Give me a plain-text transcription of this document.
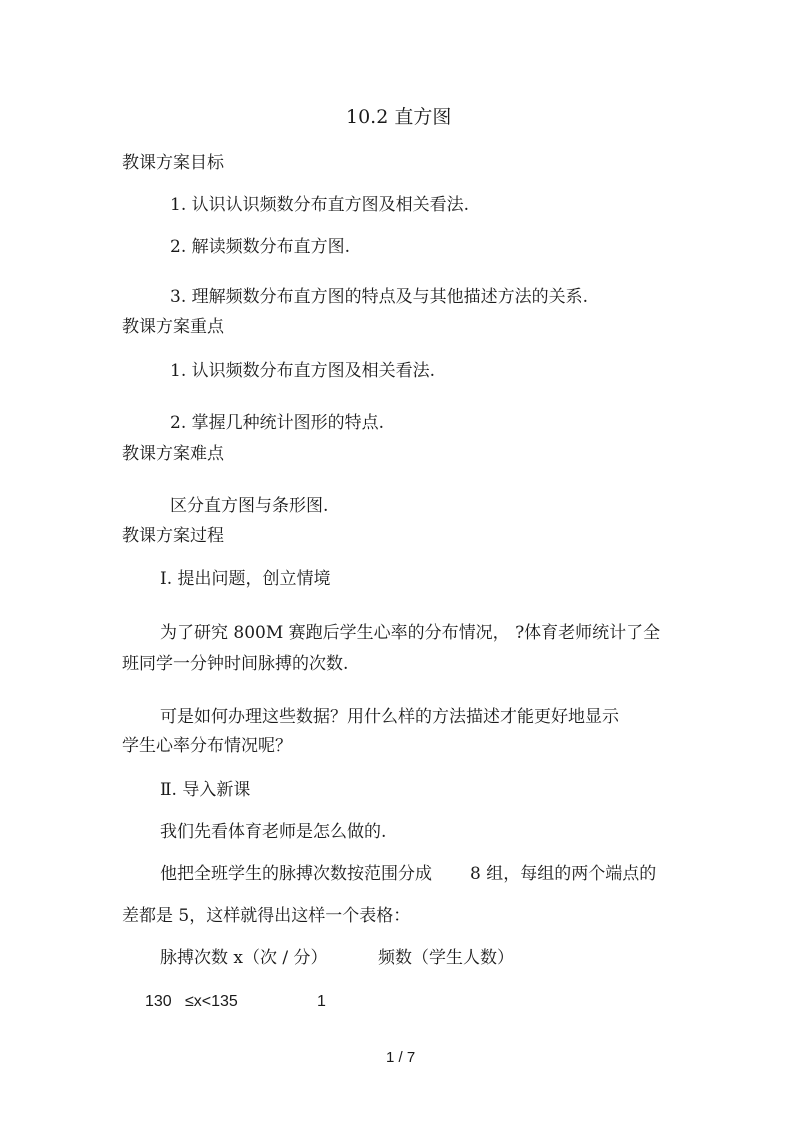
10.2 直方图
教课方案目标
1. 认识认识频数分布直方图及相关看法.
2. 解读频数分布直方图.
3. 理解频数分布直方图的特点及与其他描述方法的关系.
教课方案重点
1. 认识频数分布直方图及相关看法.
2. 掌握几种统计图形的特点.
教课方案难点
区分直方图与条形图.
教课方案过程
Ⅰ. 提出问题，创立情境
为了研究 800M 赛跑后学生心率的分布情况， ?体育老师统计了全
班同学一分钟时间脉搏的次数.
可是如何办理这些数据？用什么样的方法描述才能更好地显示
学生心率分布情况呢？
Ⅱ. 导入新课
我们先看体育老师是怎么做的.
他把全班学生的脉搏次数按范围分成 8 组，每组的两个端点的
差都是 5，这样就得出这样一个表格：
脉搏次数 x（次 / 分）	频数（学生人数）
130 ≤x<135	1
1 / 7
